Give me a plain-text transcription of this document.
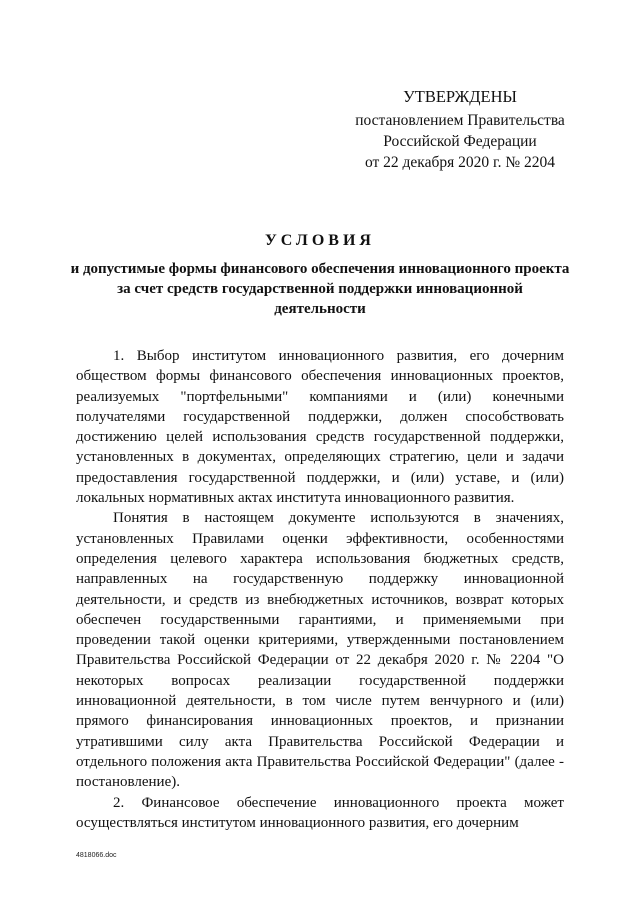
УТВЕРЖДЕНЫ
постановлением Правительства
Российской Федерации
от 22 декабря 2020 г. № 2204
УСЛОВИЯ
и допустимые формы финансового обеспечения инновационного проекта за счет средств государственной поддержки инновационной деятельности

1. Выбор институтом инновационного развития, его дочерним обществом формы финансового обеспечения инновационных проектов, реализуемых "портфельными" компаниями и (или) конечными получателями государственной поддержки, должен способствовать достижению целей использования средств государственной поддержки, установленных в документах, определяющих стратегию, цели и задачи предоставления государственной поддержки, и (или) уставе, и (или) локальных нормативных актах института инновационного развития.

Понятия в настоящем документе используются в значениях, установленных Правилами оценки эффективности, особенностями определения целевого характера использования бюджетных средств, направленных на государственную поддержку инновационной деятельности, и средств из внебюджетных источников, возврат которых обеспечен государственными гарантиями, и применяемыми при проведении такой оценки критериями, утвержденными постановлением Правительства Российской Федерации от 22 декабря 2020 г. № 2204 "О некоторых вопросах реализации государственной поддержки инновационной деятельности, в том числе путем венчурного и (или) прямого финансирования инновационных проектов, и признании утратившими силу акта Правительства Российской Федерации и отдельного положения акта Правительства Российской Федерации" (далее - постановление).

2. Финансовое обеспечение инновационного проекта может осуществляться институтом инновационного развития, его дочерним

4818066.doc
